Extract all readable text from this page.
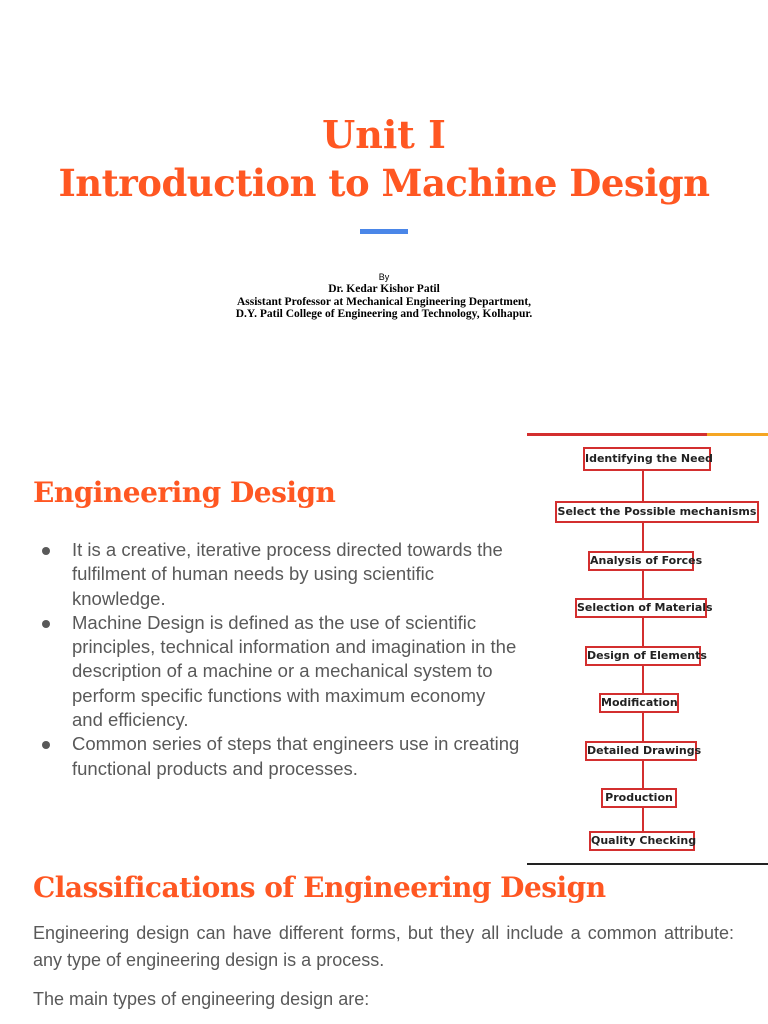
Unit I
Introduction to Machine Design
By
Dr. Kedar Kishor Patil
Assistant Professor at Mechanical Engineering Department,
D.Y. Patil College of Engineering and Technology, Kolhapur.
Engineering Design
It is a creative, iterative process directed towards the fulfilment of human needs by using scientific knowledge.
Machine Design is defined as the use of scientific principles, technical information and imagination in the description of a machine or a mechanical system to perform specific functions with maximum economy and efficiency.
Common series of steps that engineers use in creating functional products and processes.
Identifying the Need
Select the Possible mechanisms
Analysis of Forces
Selection of Materials
Design of Elements
Modification
Detailed Drawings
Production
Quality Checking
Classifications of Engineering Design

Engineering design can have different forms, but they all include a common attribute: any type of engineering design is a process.

The main types of engineering design are:
